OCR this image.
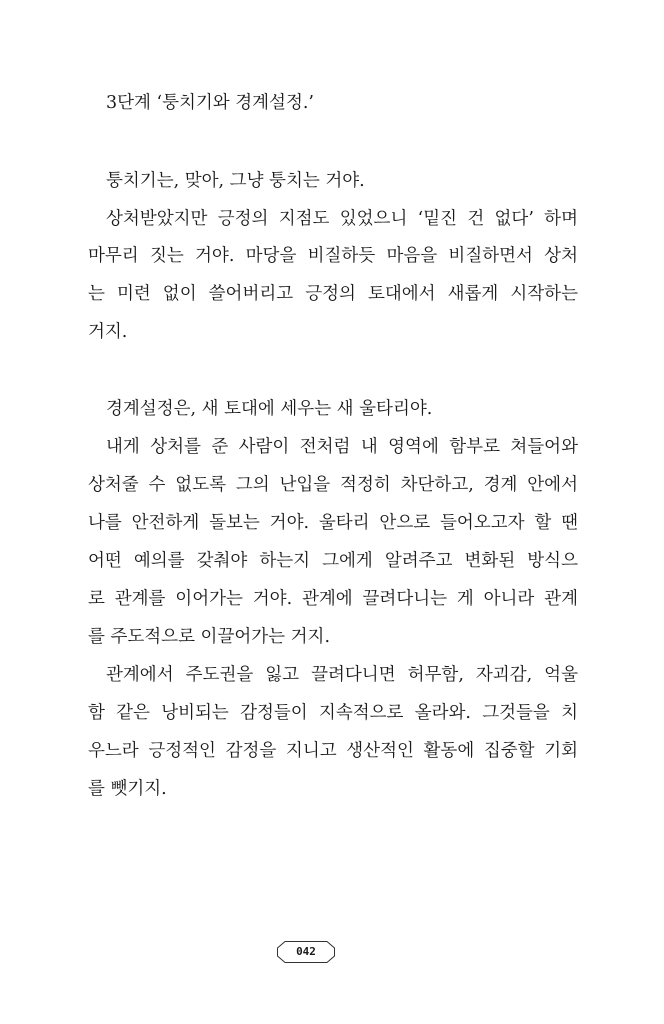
3단계 ‘퉁치기와 경계설정.’
퉁치기는, 맞아, 그냥 퉁치는 거야.
상처받았지만 긍정의 지점도 있었으니 ‘밑진 건 없다’ 하며
마무리 짓는 거야. 마당을 비질하듯 마음을 비질하면서 상처
는 미련 없이 쓸어버리고 긍정의 토대에서 새롭게 시작하는
거지.
경계설정은, 새 토대에 세우는 새 울타리야.
내게 상처를 준 사람이 전처럼 내 영역에 함부로 쳐들어와
상처줄 수 없도록 그의 난입을 적정히 차단하고, 경계 안에서
나를 안전하게 돌보는 거야. 울타리 안으로 들어오고자 할 땐
어떤 예의를 갖춰야 하는지 그에게 알려주고 변화된 방식으
로 관계를 이어가는 거야. 관계에 끌려다니는 게 아니라 관계
를 주도적으로 이끌어가는 거지.
관계에서 주도권을 잃고 끌려다니면 허무함, 자괴감, 억울
함 같은 낭비되는 감정들이 지속적으로 올라와. 그것들을 치
우느라 긍정적인 감정을 지니고 생산적인 활동에 집중할 기회
를 뺏기지.
042
